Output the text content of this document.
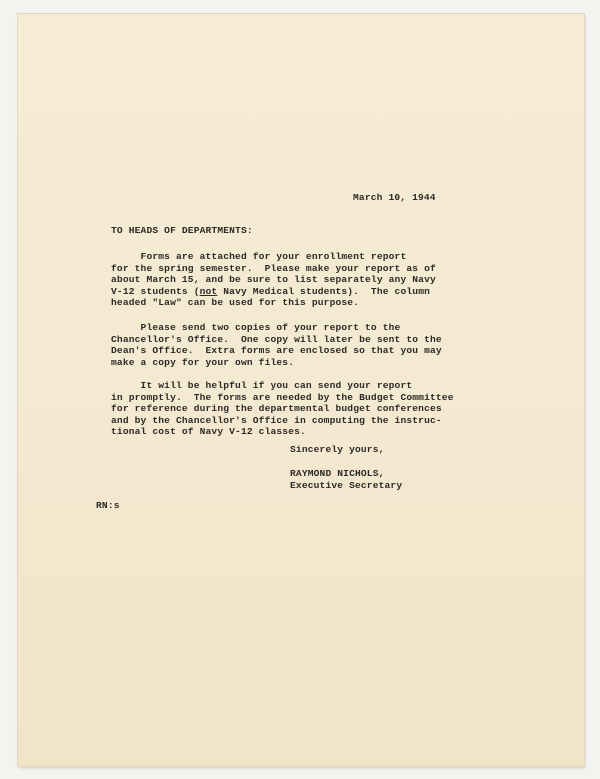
March 10, 1944
TO HEADS OF DEPARTMENTS:
Forms are attached for your enrollment report
for the spring semester.  Please make your report as of
about March 15, and be sure to list separately any Navy
V-12 students (not Navy Medical students).  The column
headed "Law" can be used for this purpose.
Please send two copies of your report to the
Chancellor's Office.  One copy will later be sent to the
Dean's Office.  Extra forms are enclosed so that you may
make a copy for your own files.
It will be helpful if you can send your report
in promptly.  The forms are needed by the Budget Committee
for reference during the departmental budget conferences
and by the Chancellor's Office in computing the instruc-
tional cost of Navy V-12 classes.
Sincerely yours,
RAYMOND NICHOLS,
Executive Secretary
RN:s
